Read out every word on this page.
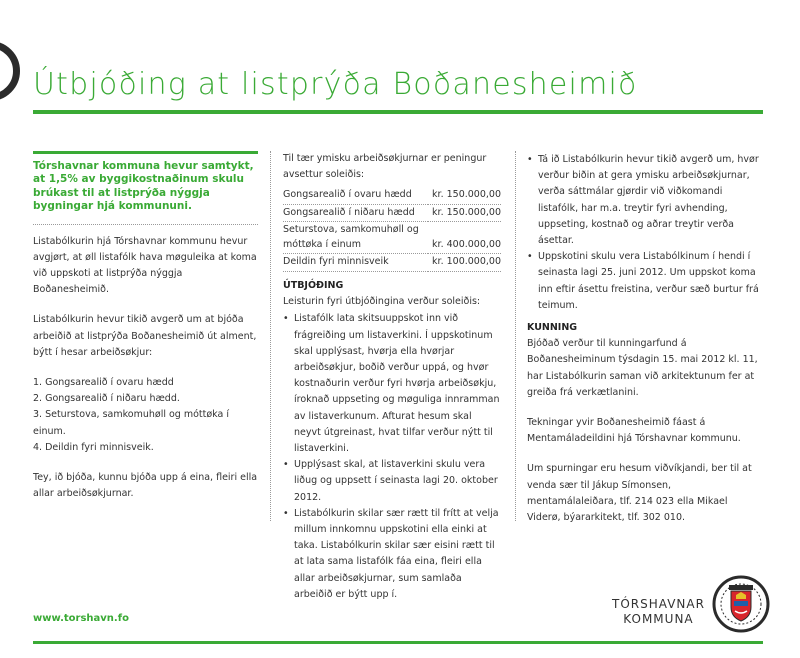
Útbjóðing at listprýða Boðanesheimið

Tórshavnar kommuna hevur samtykt, at 1,5% av byggikostnaðinum skulu brúkast til at listprýða nýggja bygningar hjá kommununi.

Listabólkurin hjá Tórshavnar kommunu hevur avgjørt, at øll listafólk hava møguleika at koma við uppskoti at listprýða nýggja Boðanesheimið.

Listabólkurin hevur tikið avgerð um at bjóða arbeiðið at listprýða Boðanesheimið út alment, býtt í hesar arbeiðsøkjur:

1. Gongsarealið í ovaru hædd

2. Gongsarealið í niðaru hædd.

3. Seturstova, samkomuhøll og móttøka í einum.

4. Deildin fyri minnisveik.

Tey, ið bjóða, kunnu bjóða upp á eina, fleiri ella allar arbeiðsøkjurnar.

Til tær ymisku arbeiðsøkjurnar er peningur avsettur soleiðis:

Gongsarealið í ovaru hædd	kr. 150.000,00
Gongsarealið í niðaru hædd	kr. 150.000,00
Seturstova, samkomuhøll og móttøka í einum	kr. 400.000,00
Deildin fyri minnisveik	kr. 100.000,00

ÚTBJÓÐING

Leisturin fyri útbjóðingina verður soleiðis:

• Listafólk lata skitsuuppskot inn við frágreiðing um listaverkini. Í uppskotinum skal upplýsast, hvørja ella hvørjar arbeiðsøkjur, boðið verður uppá, og hvør kostnaðurin verður fyri hvørja arbeiðsøkju, íroknað uppseting og møguliga innramman av listaverkunum. Afturat hesum skal neyvt útgreinast, hvat tilfar verður nýtt til listaverkini.
• Upplýsast skal, at listaverkini skulu vera liðug og uppsett í seinasta lagi 20. oktober 2012.
• Listabólkurin skilar sær rætt til frítt at velja millum innkomnu uppskotini ella einki at taka. Listabólkurin skilar sær eisini rætt til at lata sama listafólk fáa eina, fleiri ella allar arbeiðsøkjurnar, sum samlaða arbeiðið er býtt upp í.
• Tá ið Listabólkurin hevur tikið avgerð um, hvør verður biðin at gera ymisku arbeiðsøkjurnar, verða sáttmálar gjørdir við viðkomandi listafólk, har m.a. treytir fyri avhending, uppseting, kostnað og aðrar treytir verða ásettar.
• Uppskotini skulu vera Listabólkinum í hendi í seinasta lagi 25. juni 2012. Um uppskot koma inn eftir ásettu freistina, verður sæð burtur frá teimum.

KUNNING

Bjóðað verður til kunningarfund á Boðanesheiminum týsdagin 15. mai 2012 kl. 11, har Listabólkurin saman við arkitektunum fer at greiða frá verkætlanini.

Tekningar yvir Boðanesheimið fáast á Mentamáladeildini hjá Tórshavnar kommunu.

Um spurningar eru hesum viðvíkjandi, ber til at venda sær til Jákup Símonsen, mentamálaleiðara, tlf. 214 023 ella Mikael Viderø, býararkitekt, tlf. 302 010.

www.torshavn.fo
TÓRSHAVNAR
KOMMUNA
